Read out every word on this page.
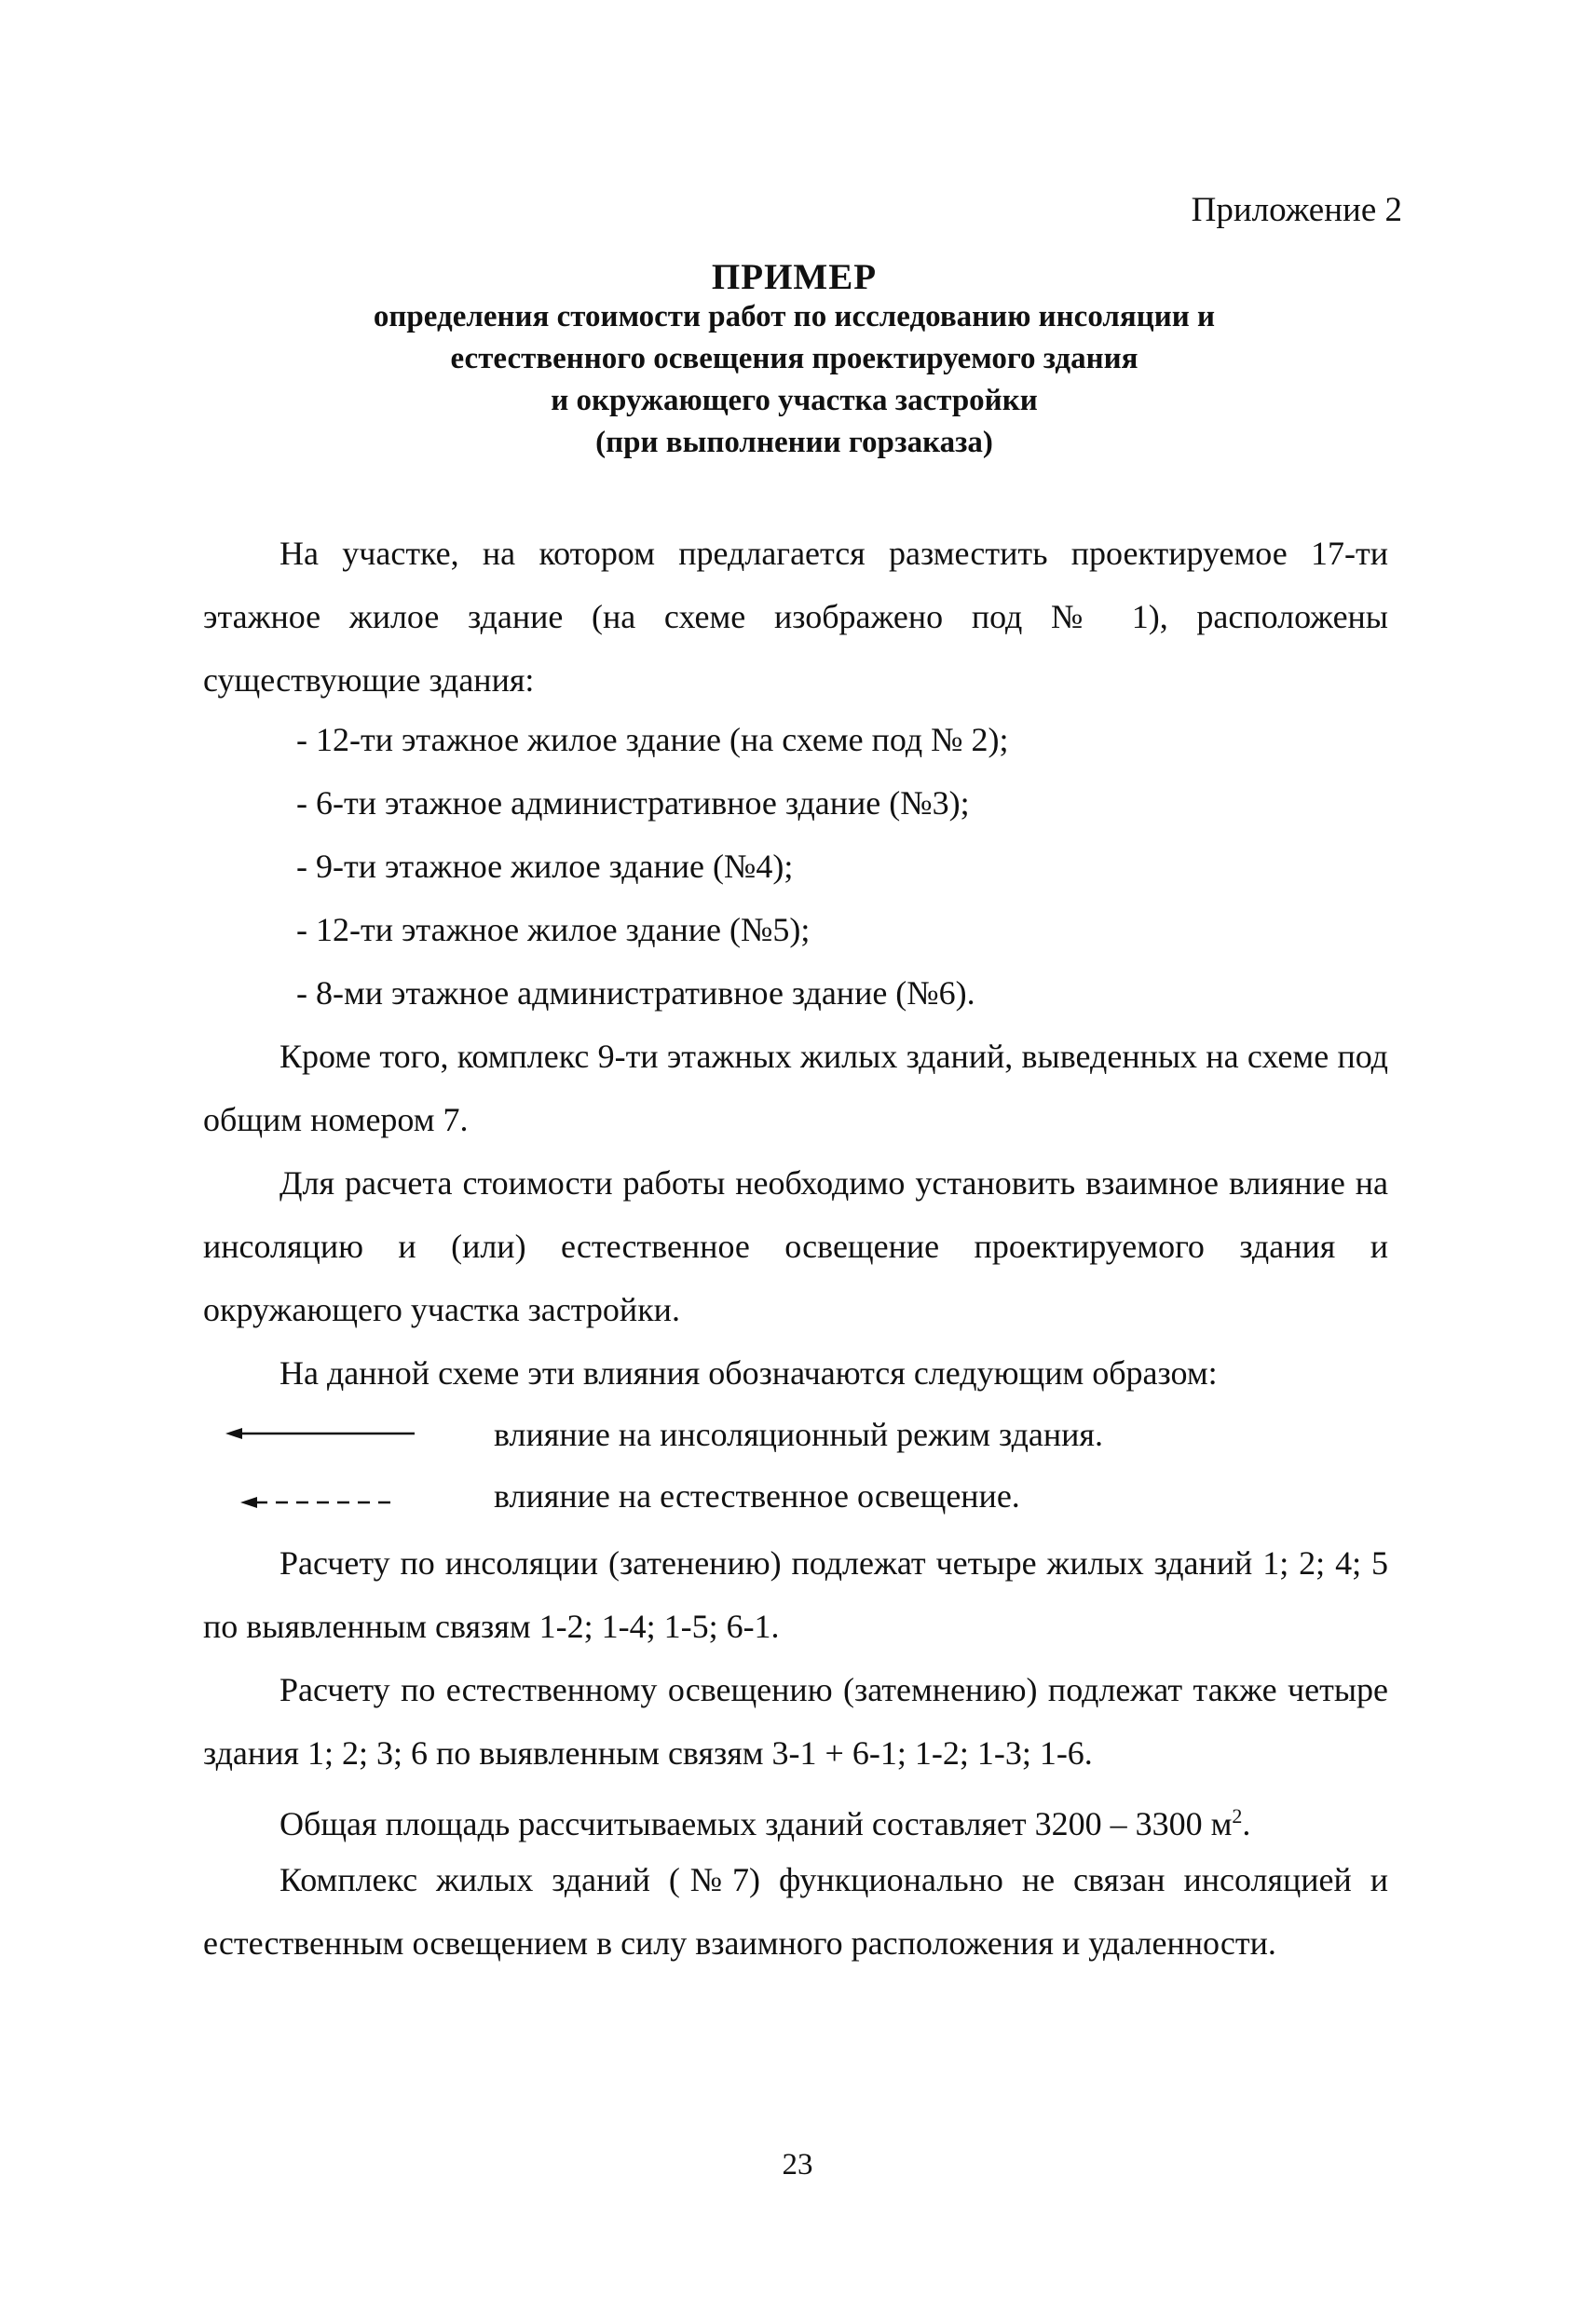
Приложение 2
ПРИМЕР
определения стоимости работ по исследованию инсоляции и
естественного освещения проектируемого здания
и окружающего участка застройки
(при выполнении горзаказа)
На участке, на котором предлагается разместить проектируемое 17-ти этажное жилое здание (на схеме изображено под № 1), расположены существующие здания:
- 12-ти этажное жилое здание (на схеме под № 2);
- 6-ти этажное административное здание (№3);
- 9-ти этажное жилое здание (№4);
- 12-ти этажное жилое здание (№5);
- 8-ми этажное административное здание (№6).
Кроме того, комплекс 9-ти этажных жилых зданий, выведенных на схеме под общим номером 7.
Для расчета стоимости работы необходимо установить взаимное влияние на инсоляцию и (или) естественное освещение проектируемого здания и окружающего участка застройки.
На данной схеме эти влияния обозначаются следующим образом:
влияние на инсоляционный режим здания.
влияние на естественное освещение.
Расчету по инсоляции (затенению) подлежат четыре жилых зданий 1; 2; 4; 5 по выявленным связям 1-2; 1-4; 1-5; 6-1.
Расчету по естественному освещению (затемнению) подлежат также четыре здания 1; 2; 3; 6 по выявленным связям 3-1 + 6-1; 1-2; 1-3; 1-6.
Общая площадь рассчитываемых зданий составляет 3200 – 3300 $м^2$.
Комплекс жилых зданий (№7) функционально не связан инсоляцией и естественным освещением в силу взаимного расположения и удаленности.
23
